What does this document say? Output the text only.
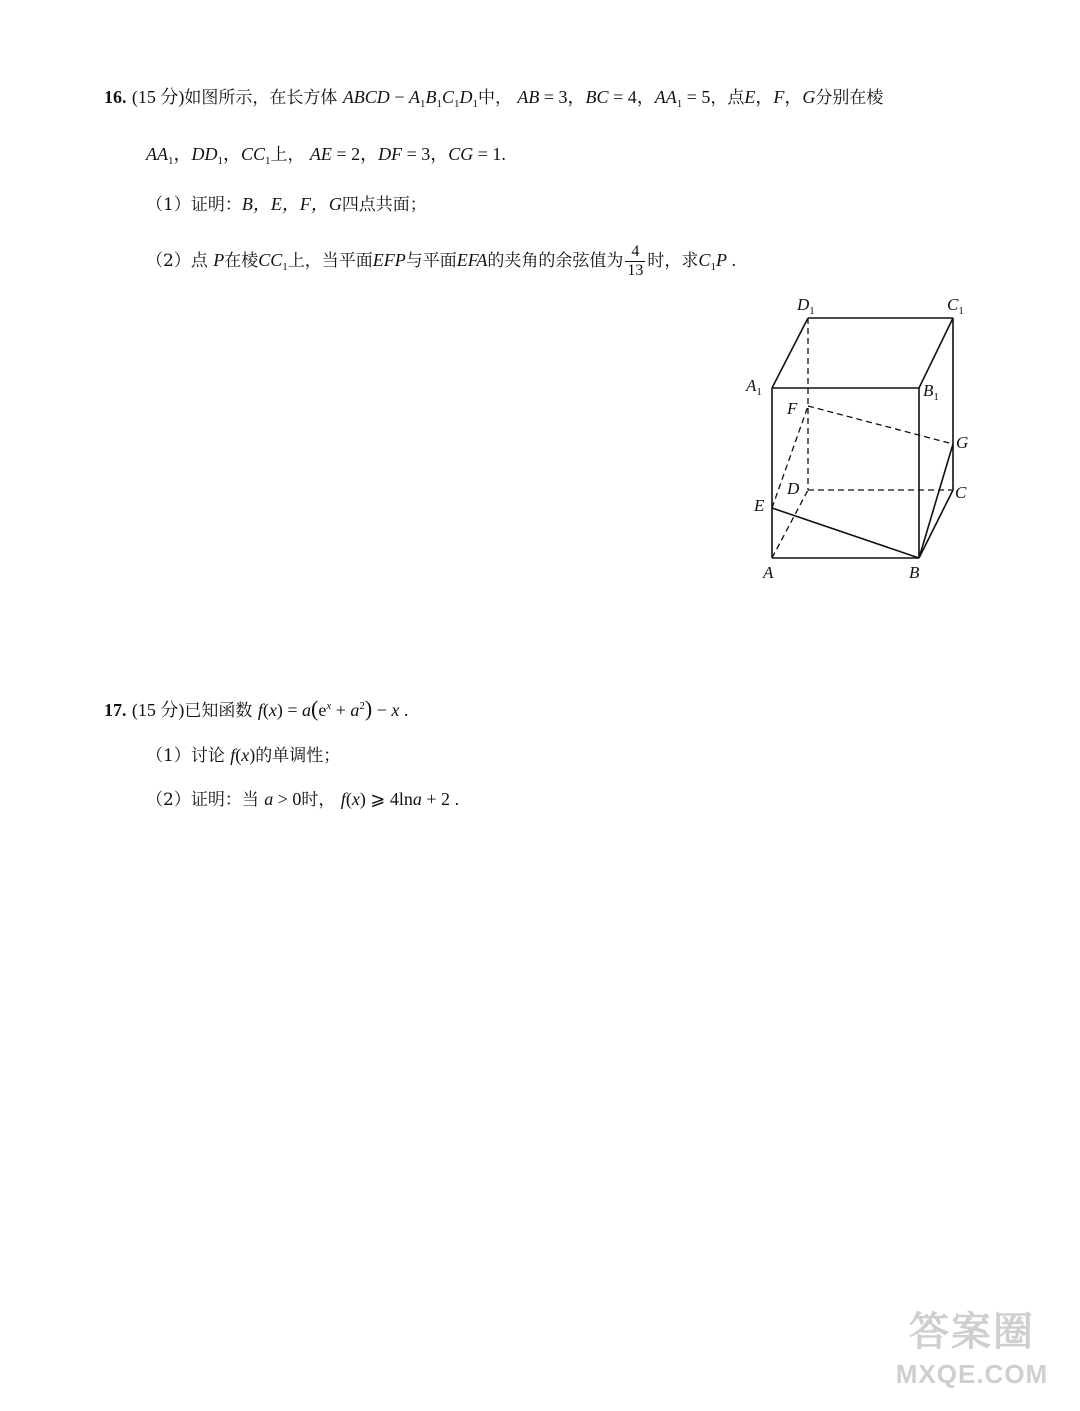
16. (15 分)如图所示，在长方体 ABCD − $A_1B_1C_1D_1$中， AB = 3，BC = 4，$AA_1 = 5$，点E，F，G分别在棱
$AA_1$，$DD_1$，$CC_1$上， AE = 2，DF = 3，CG = 1.
（1）证明：B，E，F，G四点共面；
（2）点 P在棱$CC_1$上，当平面EFP与平面EFA的夹角的余弦值为 $\frac{4}{13}$ 时，求$C_1P$ .
$D_1$	$C_1$
$A_1$	$B_1$
F
G
D	C
E
A	B
17. (15 分)已知函数 $f(x) = a(e^x + a^2) - x$ .
（1）讨论 f(x)的单调性；
（2）证明：当 a > 0时， f(x) ⩾ 4lna + 2 .
答案圈
MXQE.COM
